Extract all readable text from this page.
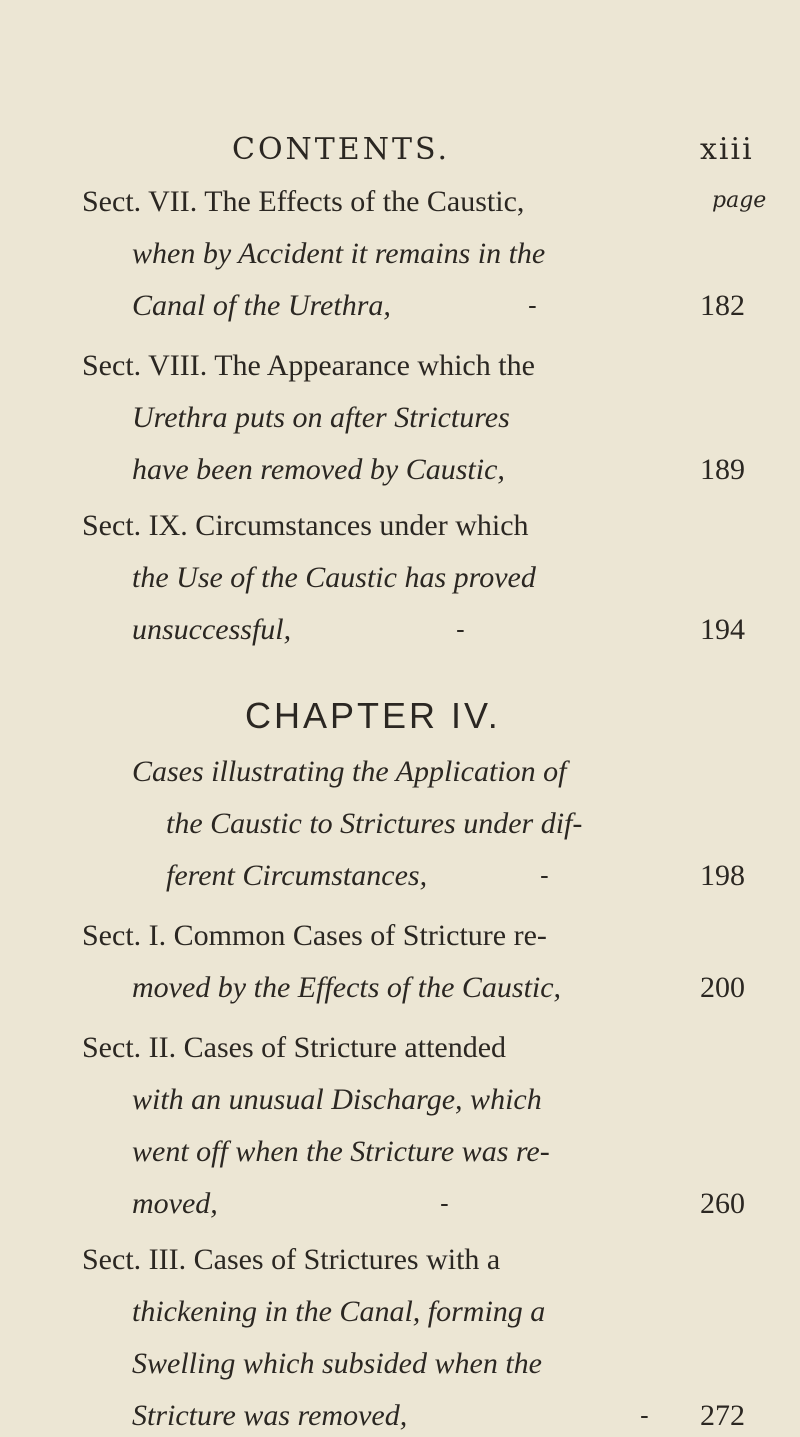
CONTENTS.	xiii
page
Sect. VII. The Effects of the Caustic,
when by Accident it remains in the
Canal of the Urethra,	-	182
Sect. VIII. The Appearance which the
Urethra puts on after Strictures
have been removed by Caustic,	189
Sect. IX. Circumstances under which
the Use of the Caustic has proved
unsuccessful,	-	194
CHAPTER IV.
Cases illustrating the Application of
the Caustic to Strictures under dif-
ferent Circumstances,	-	198
Sect. I. Common Cases of Stricture re-
moved by the Effects of the Caustic,	200
Sect. II. Cases of Stricture attended
with an unusual Discharge, which
went off when the Stricture was re-
moved,	-	260
Sect. III. Cases of Strictures with a
thickening in the Canal, forming a
Swelling which subsided when the
Stricture was removed,	- 272
